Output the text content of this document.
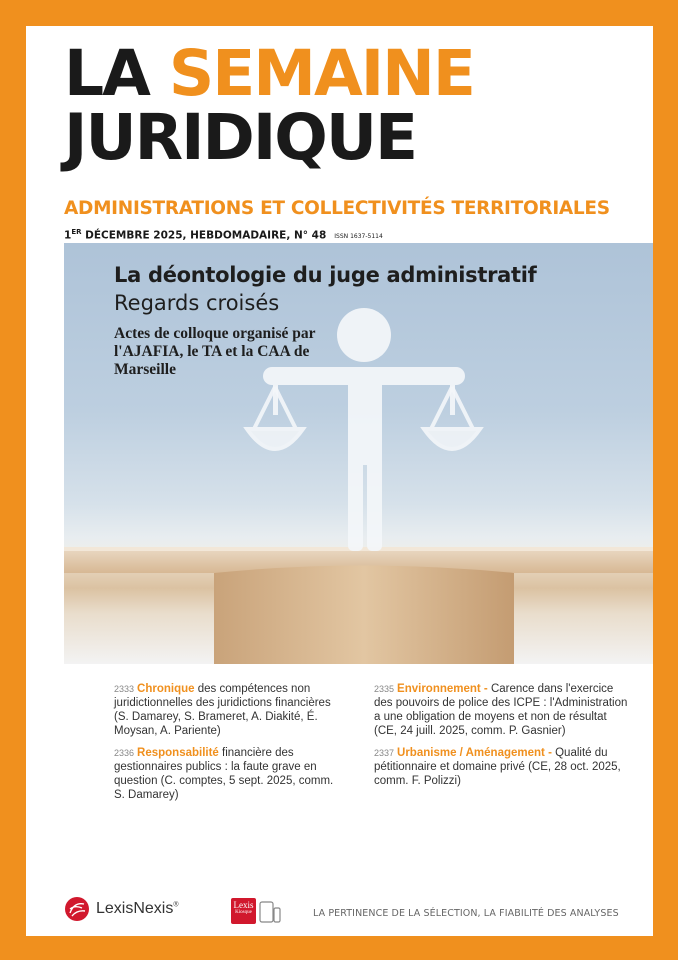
LA SEMAINE
JURIDIQUE
ADMINISTRATIONS ET COLLECTIVITÉS TERRITORIALES
1ER DÉCEMBRE 2025, HEBDOMADAIRE, N° 48 ISSN 1637-5114
La déontologie du juge administratif
Regards croisés
Actes de colloque organisé par l'AJAFIA, le TA et la CAA de Marseille
2333 Chronique des compétences non juridictionnelles des juridictions financières (S. Damarey, S. Brameret, A. Diakité, É. Moysan, A. Pariente)
2336 Responsabilité financière des gestionnaires publics : la faute grave en question (C. comptes, 5 sept. 2025, comm. S. Damarey)
2335 Environnement - Carence dans l'exercice des pouvoirs de police des ICPE : l'Administration a une obligation de moyens et non de résultat (CE, 24 juill. 2025, comm. P. Gasnier)
2337 Urbanisme / Aménagement - Qualité du pétitionnaire et domaine privé (CE, 28 oct. 2025, comm. F. Polizzi)
LexisNexis®	Lexis
Kiosque	LA PERTINENCE DE LA SÉLECTION, LA FIABILITÉ DES ANALYSES
